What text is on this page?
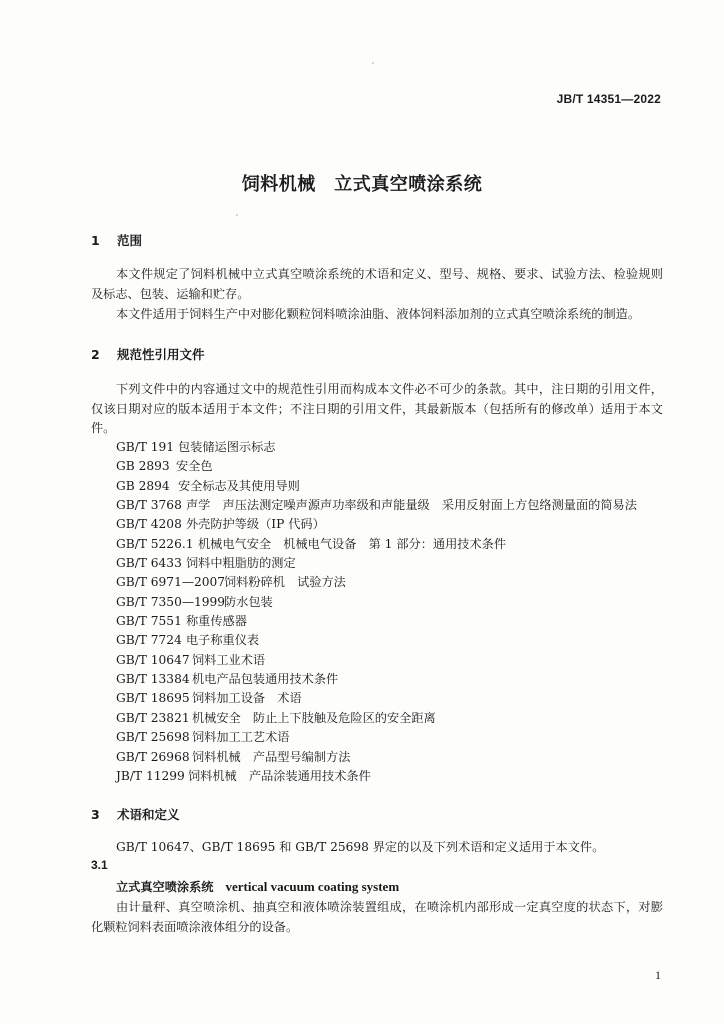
JB/T 14351—2022
饲料机械　立式真空喷涂系统
1 范围

本文件规定了饲料机械中立式真空喷涂系统的术语和定义、型号、规格、要求、试验方法、检验规则及标志、包装、运输和贮存。

本文件适用于饲料生产中对膨化颗粒饲料喷涂油脂、液体饲料添加剂的立式真空喷涂系统的制造。

2 规范性引用文件

下列文件中的内容通过文中的规范性引用而构成本文件必不可少的条款。其中，注日期的引用文件，仅该日期对应的版本适用于本文件；不注日期的引用文件，其最新版本（包括所有的修改单）适用于本文件。

GB/T 191 包装储运图示标志
GB 2893 安全色
GB 2894 安全标志及其使用导则
GB/T 3768 声学　声压法测定噪声源声功率级和声能量级　采用反射面上方包络测量面的简易法
GB/T 4208 外壳防护等级（IP 代码）
GB/T 5226.1 机械电气安全　机械电气设备　第 1 部分：通用技术条件
GB/T 6433 饲料中粗脂肪的测定
GB/T 6971—2007饲料粉碎机　试验方法
GB/T 7350—1999防水包装
GB/T 7551 称重传感器
GB/T 7724 电子称重仪表
GB/T 10647 饲料工业术语
GB/T 13384 机电产品包装通用技术条件
GB/T 18695 饲料加工设备　术语
GB/T 23821 机械安全　防止上下肢触及危险区的安全距离
GB/T 25698 饲料加工工艺术语
GB/T 26968 饲料机械　产品型号编制方法
JB/T 11299 饲料机械　产品涂装通用技术条件
3 术语和定义

GB/T 10647、GB/T 18695 和 GB/T 25698 界定的以及下列术语和定义适用于本文件。

3.1
立式真空喷涂系统 vertical vacuum coating system

由计量秤、真空喷涂机、抽真空和液体喷涂装置组成，在喷涂机内部形成一定真空度的状态下，对膨化颗粒饲料表面喷涂液体组分的设备。

1
